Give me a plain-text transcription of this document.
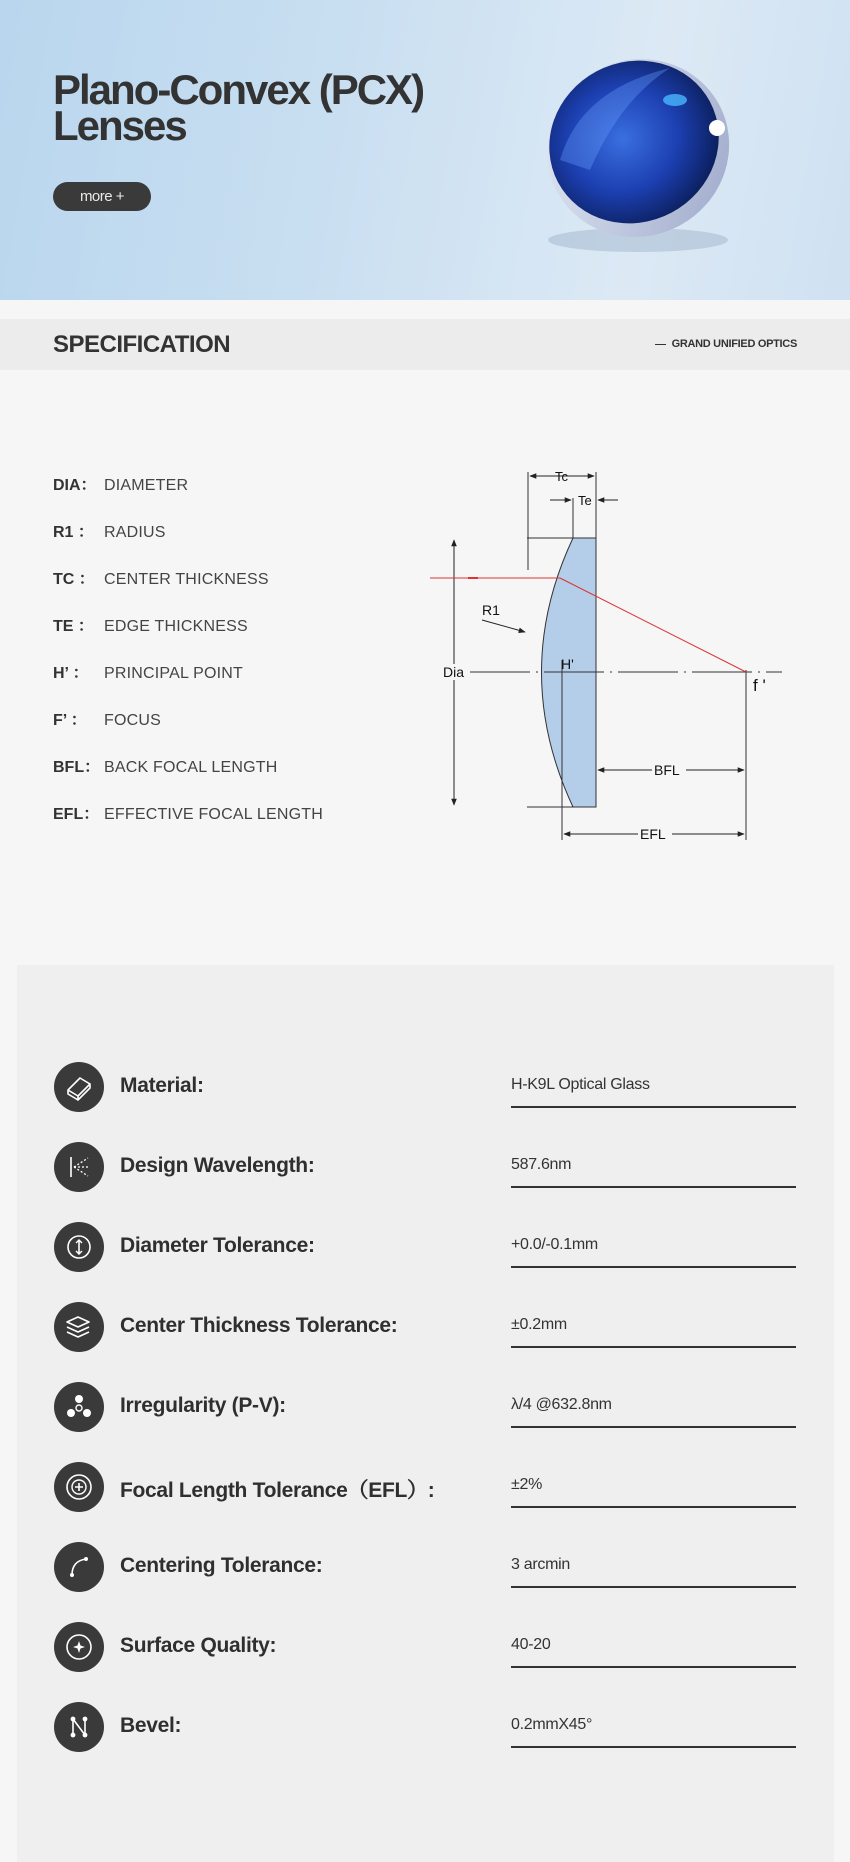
Plano-Convex (PCX)
Lenses
more +
SPECIFICATION	GRAND UNIFIED OPTICS
DIA： DIAMETER
R1 ： RADIUS
TC ： CENTER THICKNESS
TE ： EDGE THICKNESS
H’ ： PRINCIPAL POINT
F’ ： FOCUS
BFL： BACK FOCAL LENGTH
EFL： EFFECTIVE FOCAL LENGTH
Tc
Te
Dia
R1
H'
f '
BFL
EFL
Material:	H-K9L Optical Glass
Design Wavelength:	587.6nm
Diameter Tolerance:	+0.0/-0.1mm
Center Thickness Tolerance:	±0.2mm
Irregularity (P-V):	λ/4 @632.8nm
Focal Length Tolerance（EFL）:	±2%
Centering Tolerance:	3 arcmin
Surface Quality:	40-20
Bevel:	0.2mmX45°
